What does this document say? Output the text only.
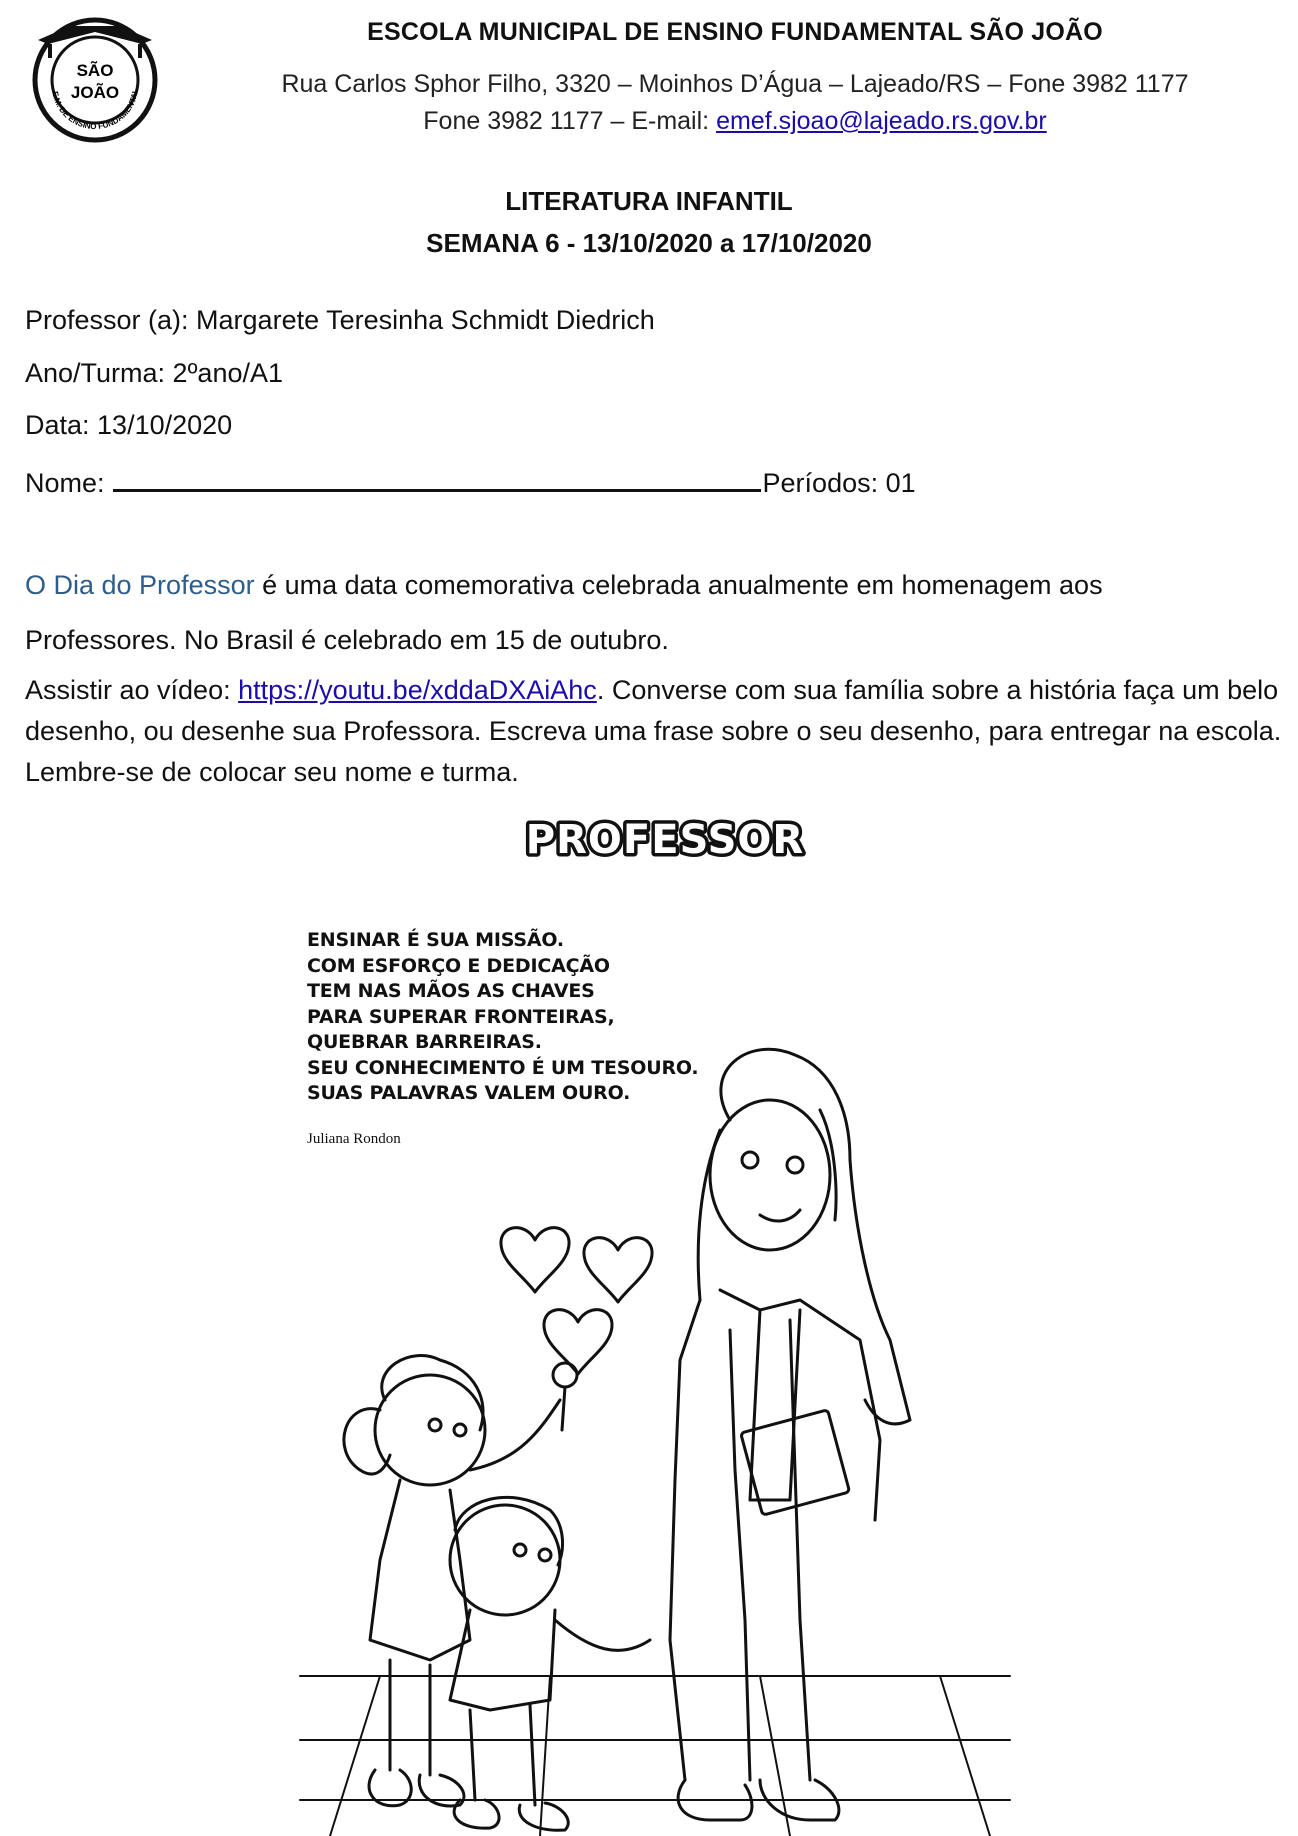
SÃO
JOÃO
E.M. DE ENSINO FUNDAMENTAL
ESCOLA MUNICIPAL DE ENSINO FUNDAMENTAL SÃO JOÃO
Rua Carlos Sphor Filho, 3320 – Moinhos D’Água – Lajeado/RS – Fone 3982 1177
Fone 3982 1177 – E-mail: emef.sjoao@lajeado.rs.gov.br
LITERATURA INFANTIL
SEMANA 6 - 13/10/2020 a 17/10/2020
Professor (a): Margarete Teresinha Schmidt Diedrich
Ano/Turma: 2ºano/A1
Data: 13/10/2020
Nome:	Períodos: 01
O Dia do Professor é uma data comemorativa celebrada anualmente em homenagem aos
Professores. No Brasil é celebrado em 15 de outubro.
Assistir ao vídeo: https://youtu.be/xddaDXAiAhc. Converse com sua família sobre a história faça um belo desenho, ou desenhe sua Professora. Escreva uma frase sobre o seu desenho, para entregar na escola. Lembre-se de colocar seu nome e turma.
PROFESSOR
ENSINAR É SUA MISSÃO.
COM ESFORÇO E DEDICAÇÃO
TEM NAS MÃOS AS CHAVES
PARA SUPERAR FRONTEIRAS,
QUEBRAR BARREIRAS.
SEU CONHECIMENTO É UM TESOURO.
SUAS PALAVRAS VALEM OURO.
Juliana Rondon
